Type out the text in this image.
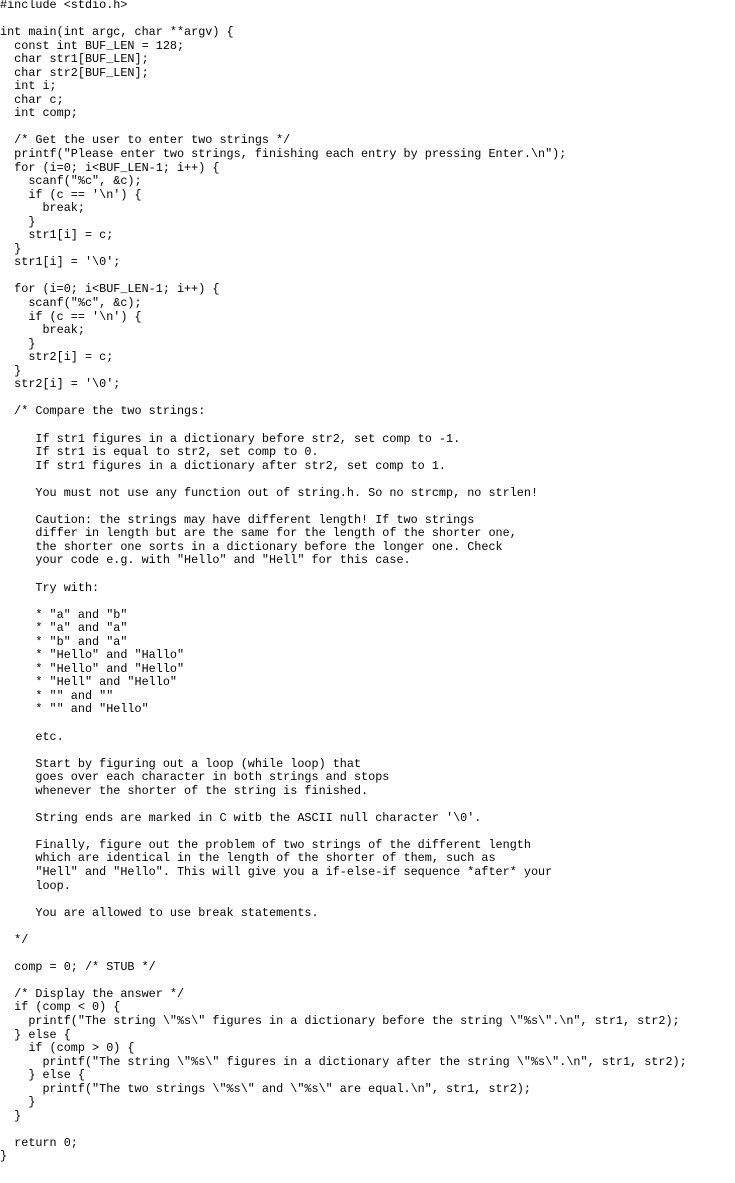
#include <stdio.h>

int main(int argc, char **argv) {
const int BUF_LEN = 128;
char str1[BUF_LEN];
char str2[BUF_LEN];
int i;
char c;
int comp;

/* Get the user to enter two strings */
printf("Please enter two strings, finishing each entry by pressing Enter.\n");
for (i=0; i<BUF_LEN-1; i++) {
scanf("%c", &c);
if (c == '\n') {
break;
}
str1[i] = c;
}
str1[i] = '\0';

for (i=0; i<BUF_LEN-1; i++) {
scanf("%c", &c);
if (c == '\n') {
break;
}
str2[i] = c;
}
str2[i] = '\0';

/* Compare the two strings:

If str1 figures in a dictionary before str2, set comp to -1.
If str1 is equal to str2, set comp to 0.
If str1 figures in a dictionary after str2, set comp to 1.

You must not use any function out of string.h. So no strcmp, no strlen!

Caution: the strings may have different length! If two strings
differ in length but are the same for the length of the shorter one,
the shorter one sorts in a dictionary before the longer one. Check
your code e.g. with "Hello" and "Hell" for this case.

Try with:

* "a" and "b"
* "a" and "a"
* "b" and "a"
* "Hello" and "Hallo"
* "Hello" and "Hello"
* "Hell" and "Hello"
* "" and ""
* "" and "Hello"

etc.

Start by figuring out a loop (while loop) that
goes over each character in both strings and stops
whenever the shorter of the string is finished.

String ends are marked in C witb the ASCII null character '\0'.

Finally, figure out the problem of two strings of the different length
which are identical in the length of the shorter of them, such as
"Hell" and "Hello". This will give you a if-else-if sequence *after* your
loop.

You are allowed to use break statements.

*/

comp = 0; /* STUB */

/* Display the answer */
if (comp < 0) {
printf("The string \"%s\" figures in a dictionary before the string \"%s\".\n", str1, str2);
} else {
if (comp > 0) {
printf("The string \"%s\" figures in a dictionary after the string \"%s\".\n", str1, str2);
} else {
printf("The two strings \"%s\" and \"%s\" are equal.\n", str1, str2);
}
}

return 0;
}
